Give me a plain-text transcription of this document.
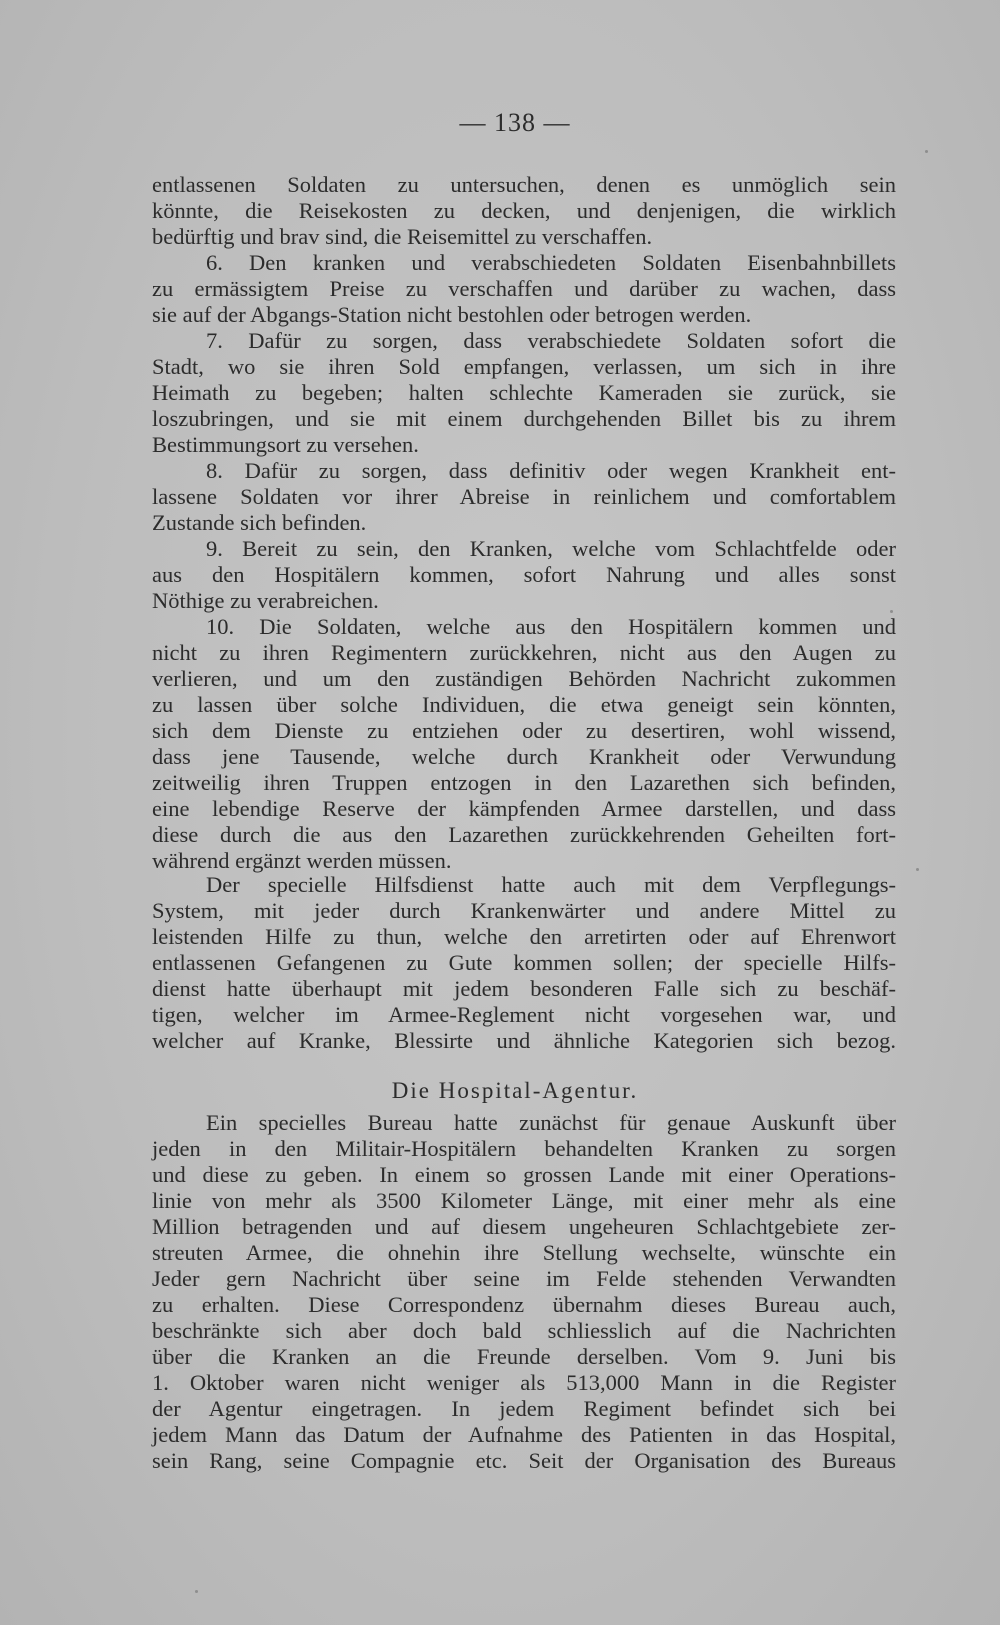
— 138 —
entlassenen Soldaten zu untersuchen, denen es unmöglich sein
könnte, die Reisekosten zu decken, und denjenigen, die wirklich
bedürftig und brav sind, die Reisemittel zu verschaffen.
6. Den kranken und verabschiedeten Soldaten Eisenbahnbillets
zu ermässigtem Preise zu verschaffen und darüber zu wachen, dass
sie auf der Abgangs-Station nicht bestohlen oder betrogen werden.
7. Dafür zu sorgen, dass verabschiedete Soldaten sofort die
Stadt, wo sie ihren Sold empfangen, verlassen, um sich in ihre
Heimath zu begeben; halten schlechte Kameraden sie zurück, sie
loszubringen, und sie mit einem durchgehenden Billet bis zu ihrem
Bestimmungsort zu versehen.
8. Dafür zu sorgen, dass definitiv oder wegen Krankheit ent-
lassene Soldaten vor ihrer Abreise in reinlichem und comfortablem
Zustande sich befinden.
9. Bereit zu sein, den Kranken, welche vom Schlachtfelde oder
aus den Hospitälern kommen, sofort Nahrung und alles sonst
Nöthige zu verabreichen.
10. Die Soldaten, welche aus den Hospitälern kommen und
nicht zu ihren Regimentern zurückkehren, nicht aus den Augen zu
verlieren, und um den zuständigen Behörden Nachricht zukommen
zu lassen über solche Individuen, die etwa geneigt sein könnten,
sich dem Dienste zu entziehen oder zu desertiren, wohl wissend,
dass jene Tausende, welche durch Krankheit oder Verwundung
zeitweilig ihren Truppen entzogen in den Lazarethen sich befinden,
eine lebendige Reserve der kämpfenden Armee darstellen, und dass
diese durch die aus den Lazarethen zurückkehrenden Geheilten fort-
während ergänzt werden müssen.
Der specielle Hilfsdienst hatte auch mit dem Verpflegungs-
System, mit jeder durch Krankenwärter und andere Mittel zu
leistenden Hilfe zu thun, welche den arretirten oder auf Ehrenwort
entlassenen Gefangenen zu Gute kommen sollen; der specielle Hilfs-
dienst hatte überhaupt mit jedem besonderen Falle sich zu beschäf-
tigen, welcher im Armee-Reglement nicht vorgesehen war, und
welcher auf Kranke, Blessirte und ähnliche Kategorien sich bezog.
Die Hospital-Agentur.
Ein specielles Bureau hatte zunächst für genaue Auskunft über
jeden in den Militair-Hospitälern behandelten Kranken zu sorgen
und diese zu geben. In einem so grossen Lande mit einer Operations-
linie von mehr als 3500 Kilometer Länge, mit einer mehr als eine
Million betragenden und auf diesem ungeheuren Schlachtgebiete zer-
streuten Armee, die ohnehin ihre Stellung wechselte, wünschte ein
Jeder gern Nachricht über seine im Felde stehenden Verwandten
zu erhalten. Diese Correspondenz übernahm dieses Bureau auch,
beschränkte sich aber doch bald schliesslich auf die Nachrichten
über die Kranken an die Freunde derselben. Vom 9. Juni bis
1. Oktober waren nicht weniger als 513,000 Mann in die Register
der Agentur eingetragen. In jedem Regiment befindet sich bei
jedem Mann das Datum der Aufnahme des Patienten in das Hospital,
sein Rang, seine Compagnie etc. Seit der Organisation des Bureaus
